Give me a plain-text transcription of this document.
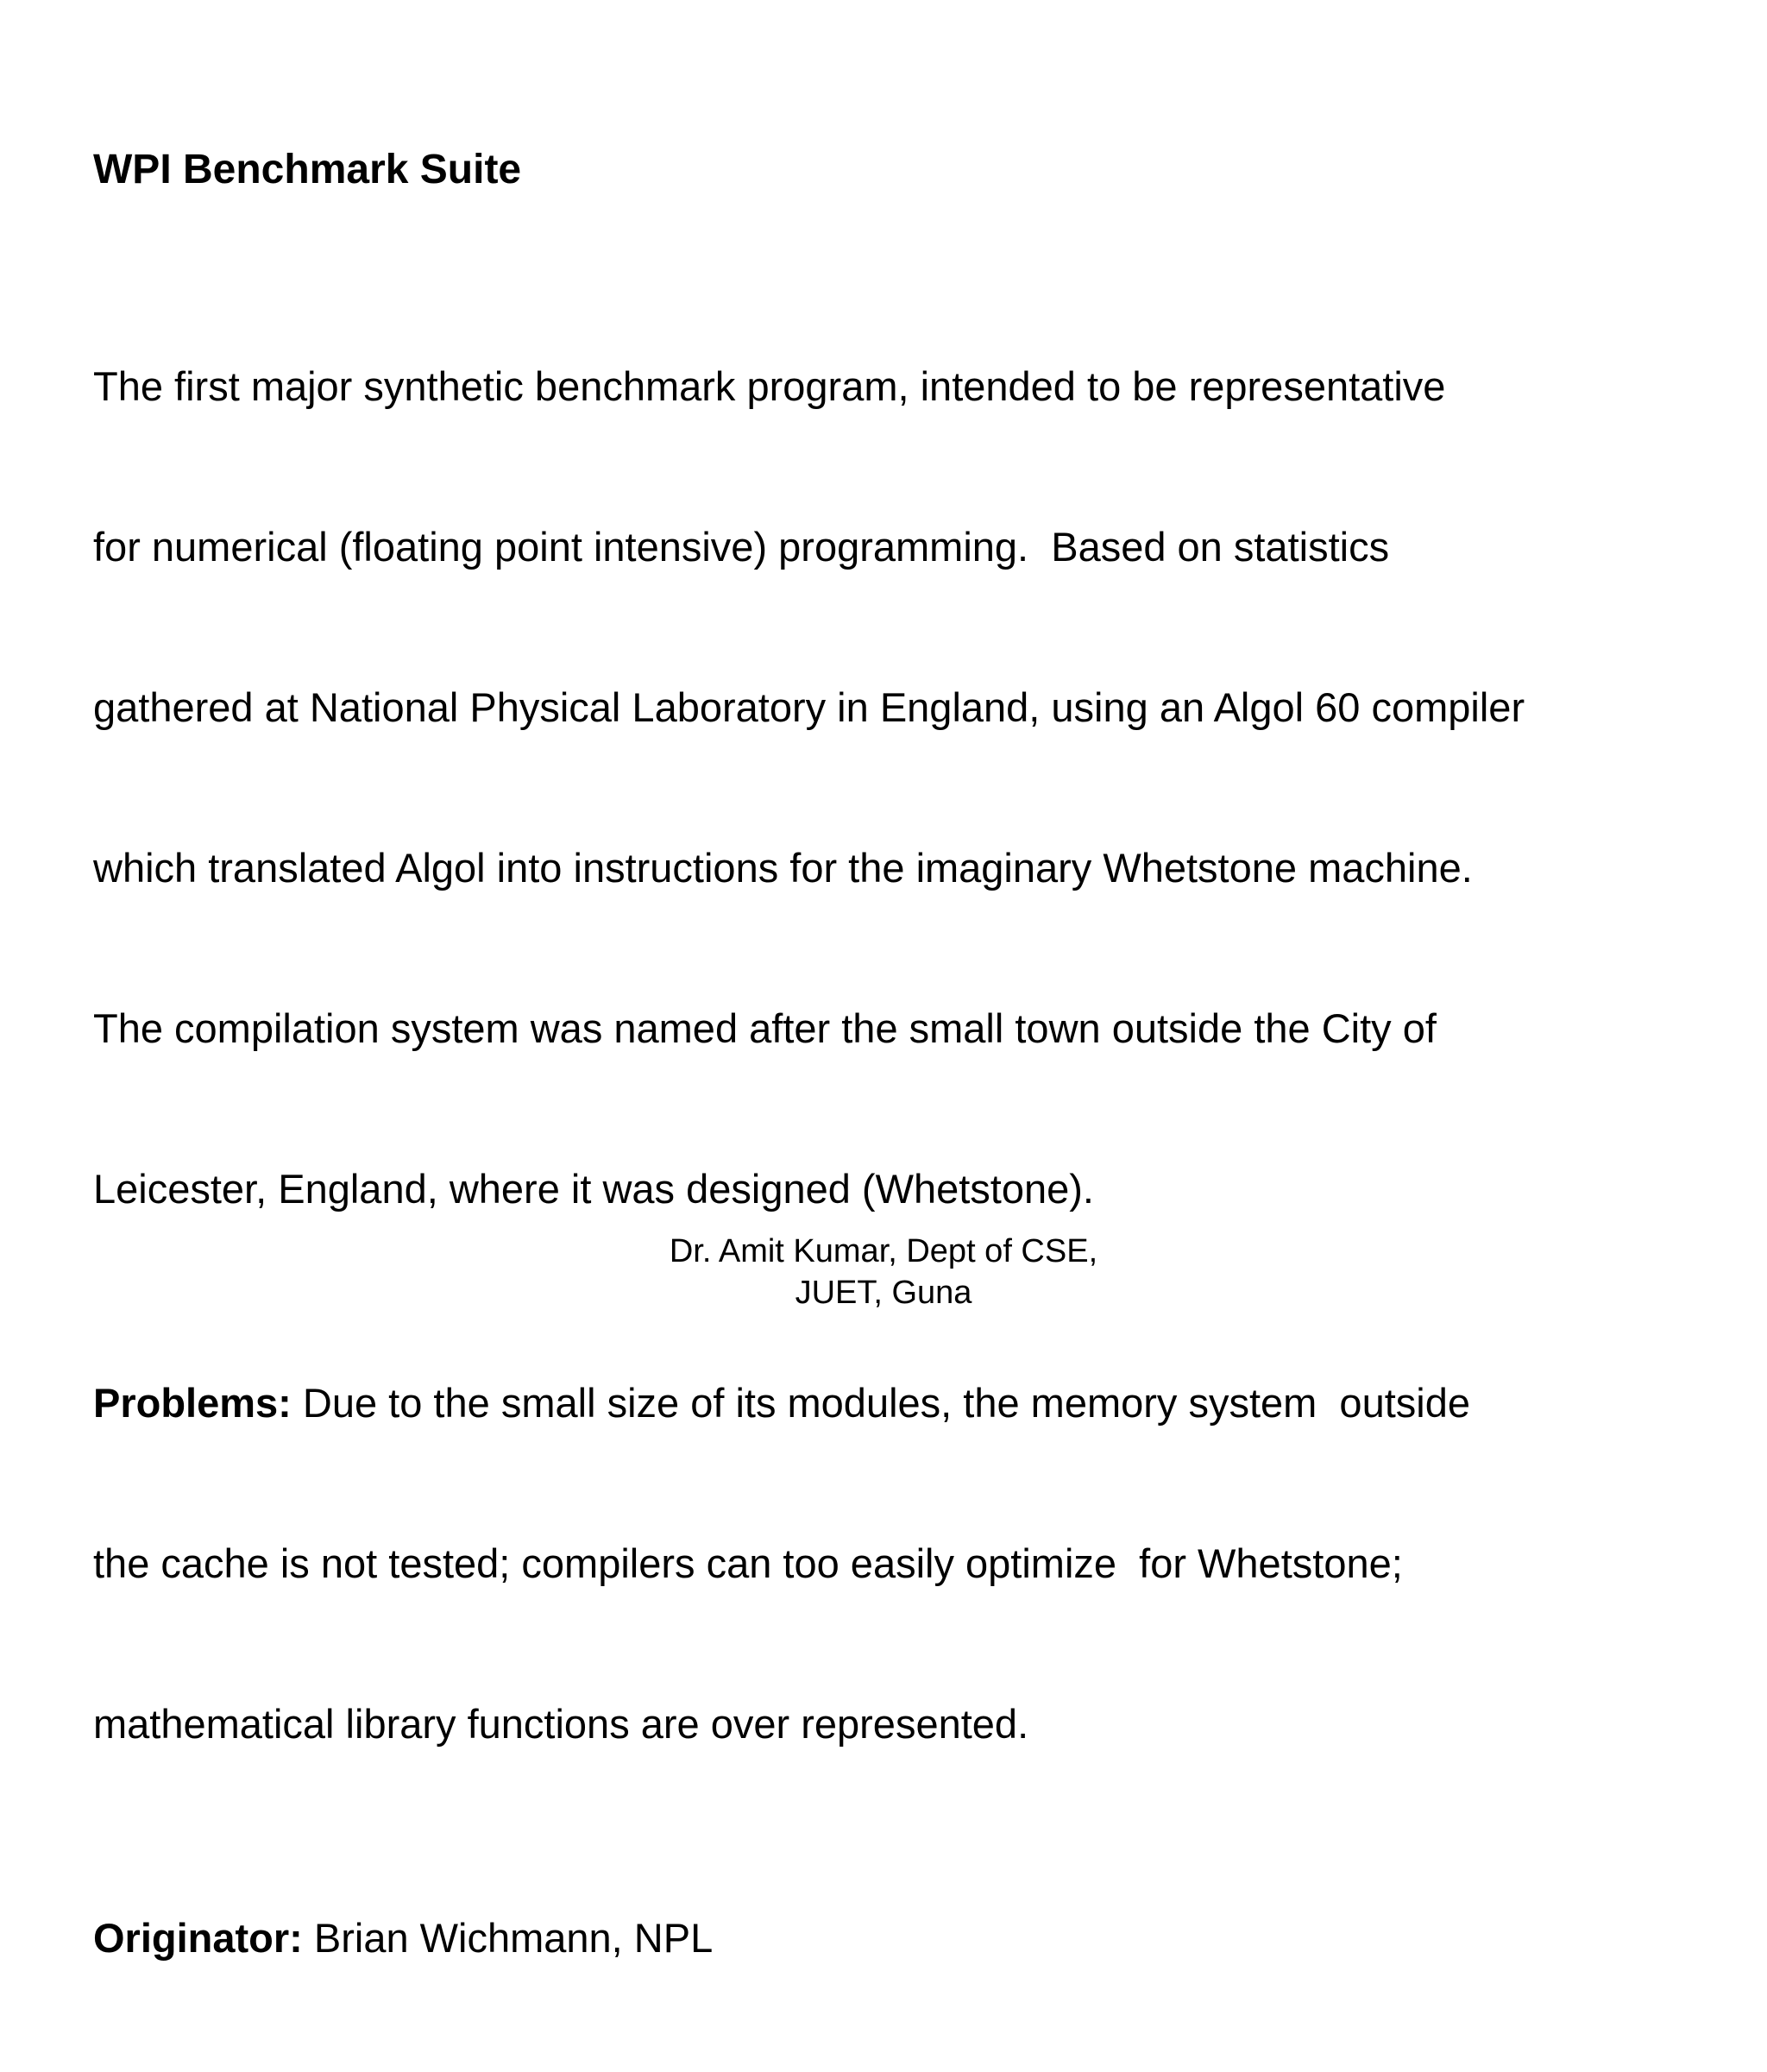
WPI Benchmark Suite

The first major synthetic benchmark program, intended to be representative

for numerical (floating point intensive) programming.  Based on statistics

gathered at National Physical Laboratory in England, using an Algol 60 compiler

which translated Algol into instructions for the imaginary Whetstone machine.

The compilation system was named after the small town outside the City of

Leicester, England, where it was designed (Whetstone).

Problems: Due to the small size of its modules, the memory system  outside

the cache is not tested; compilers can too easily optimize  for Whetstone;

mathematical library functions are over represented.

Originator: Brian Wichmann, NPL

Dr. Amit Kumar, Dept of CSE,
JUET, Guna
